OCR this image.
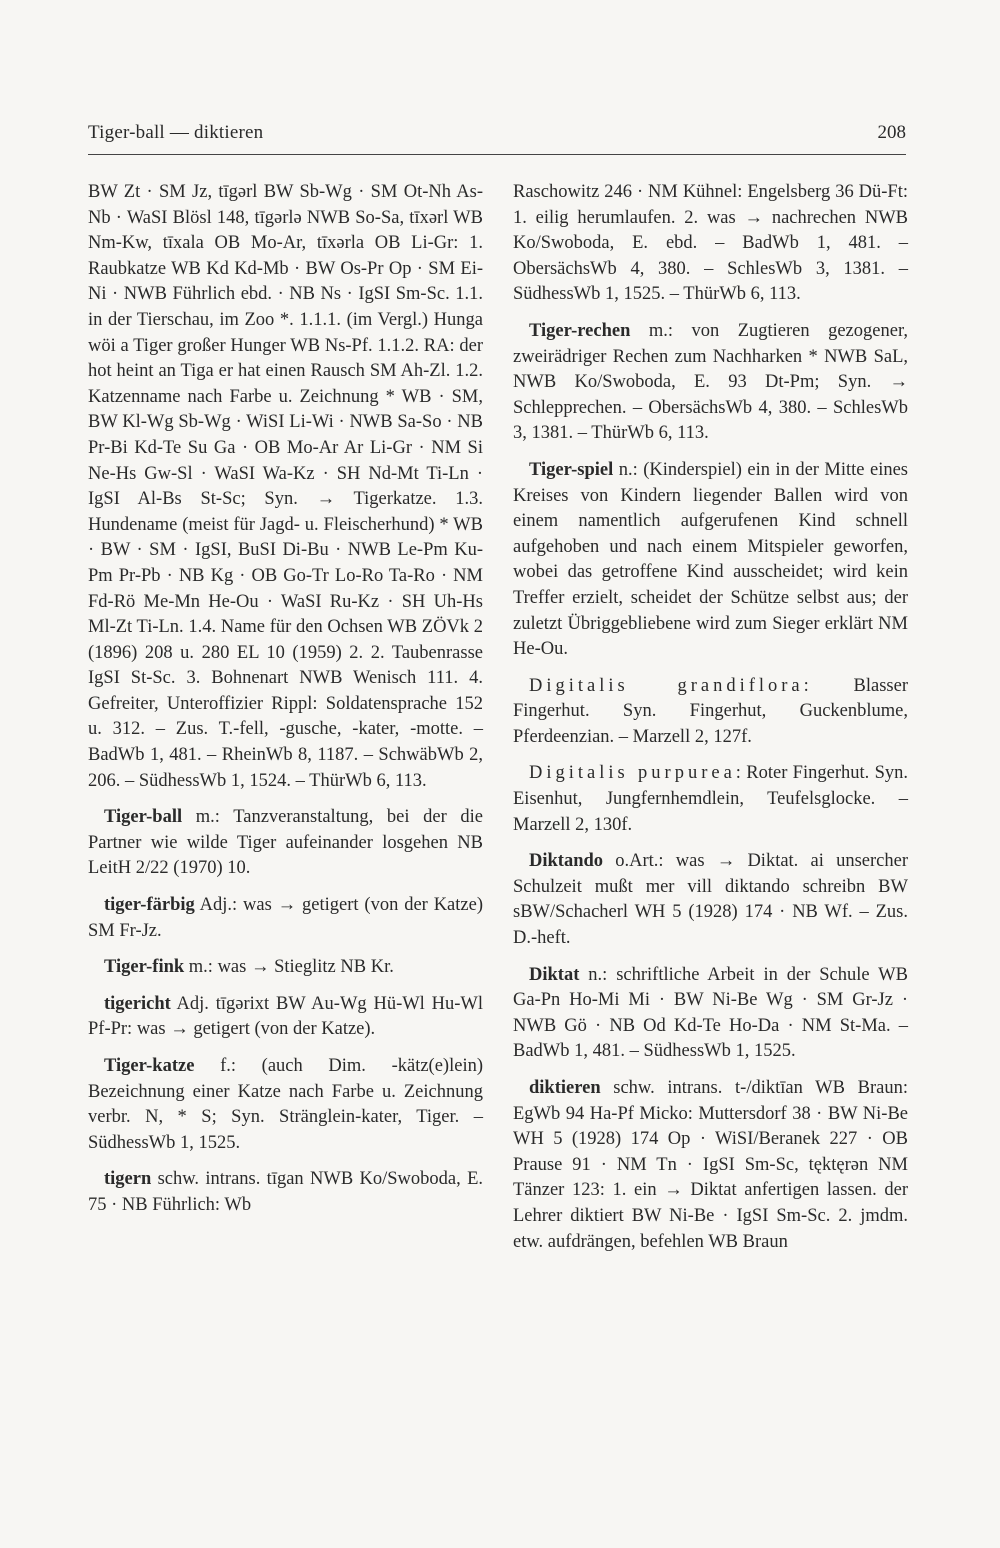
Tiger-ball — diktieren	208

BW Zt · SM Jz, tīgərl BW Sb-Wg · SM Ot-Nh As-Nb · WaSI Blösl 148, tīgərlə NWB So-Sa, tīxərl WB Nm-Kw, tīxala OB Mo-Ar, tīxərla OB Li-Gr: 1. Raubkatze WB Kd Kd-Mb · BW Os-Pr Op · SM Ei-Ni · NWB Führlich ebd. · NB Ns · IgSI Sm-Sc. 1.1. in der Tierschau, im Zoo *. 1.1.1. (im Vergl.) Hunga wöi a Tiger großer Hunger WB Ns-Pf. 1.1.2. RA: der hot heint an Tiga er hat einen Rausch SM Ah-Zl. 1.2. Katzenname nach Farbe u. Zeichnung * WB · SM, BW Kl-Wg Sb-Wg · WiSI Li-Wi · NWB Sa-So · NB Pr-Bi Kd-Te Su Ga · OB Mo-Ar Ar Li-Gr · NM Si Ne-Hs Gw-Sl · WaSI Wa-Kz · SH Nd-Mt Ti-Ln · IgSI Al-Bs St-Sc; Syn. → Tigerkatze. 1.3. Hundename (meist für Jagd- u. Fleischerhund) * WB · BW · SM · IgSI, BuSI Di-Bu · NWB Le-Pm Ku-Pm Pr-Pb · NB Kg · OB Go-Tr Lo-Ro Ta-Ro · NM Fd-Rö Me-Mn He-Ou · WaSI Ru-Kz · SH Uh-Hs Ml-Zt Ti-Ln. 1.4. Name für den Ochsen WB ZÖVk 2 (1896) 208 u. 280 EL 10 (1959) 2. 2. Taubenrasse IgSI St-Sc. 3. Bohnenart NWB Wenisch 111. 4. Gefreiter, Unteroffizier Rippl: Soldatensprache 152 u. 312. – Zus. T.-fell, -gusche, -kater, -motte. – BadWb 1, 481. – RheinWb 8, 1187. – SchwäbWb 2, 206. – SüdhessWb 1, 1524. – ThürWb 6, 113.

Tiger-ball m.: Tanzveranstaltung, bei der die Partner wie wilde Tiger aufeinander losgehen NB LeitH 2/22 (1970) 10.

tiger-färbig Adj.: was → getigert (von der Katze) SM Fr-Jz.

Tiger-fink m.: was → Stieglitz NB Kr.

tigericht Adj. tīgərixt BW Au-Wg Hü-Wl Hu-Wl Pf-Pr: was → getigert (von der Katze).

Tiger-katze f.: (auch Dim. -kätz(e)lein) Bezeichnung einer Katze nach Farbe u. Zeichnung verbr. N, * S; Syn. Stränglein-kater, Tiger. – SüdhessWb 1, 1525.

tigern schw. intrans. tīgan NWB Ko/Swoboda, E. 75 · NB Führlich: Wb

Raschowitz 246 · NM Kühnel: Engelsberg 36 Dü-Ft: 1. eilig herumlaufen. 2. was → nachrechen NWB Ko/Swoboda, E. ebd. – BadWb 1, 481. – ObersächsWb 4, 380. – SchlesWb 3, 1381. – SüdhessWb 1, 1525. – ThürWb 6, 113.

Tiger-rechen m.: von Zugtieren gezogener, zweirädriger Rechen zum Nachharken * NWB SaL, NWB Ko/Swoboda, E. 93 Dt-Pm; Syn. → Schlepprechen. – ObersächsWb 4, 380. – SchlesWb 3, 1381. – ThürWb 6, 113.

Tiger-spiel n.: (Kinderspiel) ein in der Mitte eines Kreises von Kindern liegender Ballen wird von einem namentlich aufgerufenen Kind schnell aufgehoben und nach einem Mitspieler geworfen, wobei das getroffene Kind ausscheidet; wird kein Treffer erzielt, scheidet der Schütze selbst aus; der zuletzt Übriggebliebene wird zum Sieger erklärt NM He-Ou.

Digitalis grandiflora: Blasser Fingerhut. Syn. Fingerhut, Guckenblume, Pferdeenzian. – Marzell 2, 127f.

Digitalis purpurea: Roter Fingerhut. Syn. Eisenhut, Jungfernhemdlein, Teufelsglocke. – Marzell 2, 130f.

Diktando o.Art.: was → Diktat. ai unsercher Schulzeit mußt mer vill diktando schreibn BW sBW/Schacherl WH 5 (1928) 174 · NB Wf. – Zus. D.-heft.

Diktat n.: schriftliche Arbeit in der Schule WB Ga-Pn Ho-Mi Mi · BW Ni-Be Wg · SM Gr-Jz · NWB Gö · NB Od Kd-Te Ho-Da · NM St-Ma. – BadWb 1, 481. – SüdhessWb 1, 1525.

diktieren schw. intrans. t-/diktīan WB Braun: EgWb 94 Ha-Pf Micko: Muttersdorf 38 · BW Ni-Be WH 5 (1928) 174 Op · WiSI/Beranek 227 · OB Prause 91 · NM Tn · IgSI Sm-Sc, tęktęrən NM Tänzer 123: 1. ein → Diktat anfertigen lassen. der Lehrer diktiert BW Ni-Be · IgSI Sm-Sc. 2. jmdm. etw. aufdrängen, befehlen WB Braun
